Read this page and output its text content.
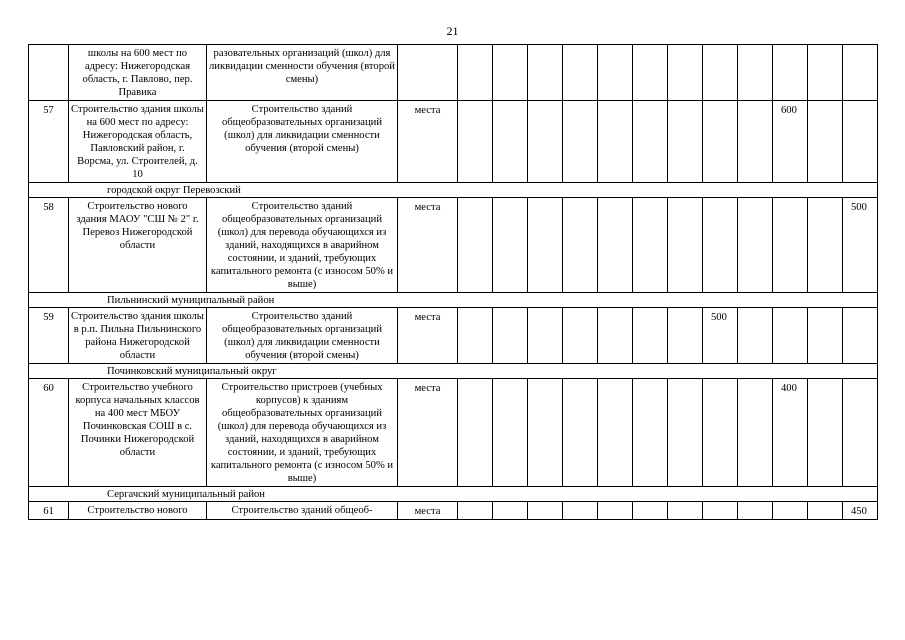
21
	школы на 600 мест по адресу: Нижегородская область, г. Павлово, пер. Правика	разовательных организаций (школ) для ликвидации сменности обучения (второй смены)													
57	Строительство здания школы на 600 мест по адресу: Нижегородская область, Павловский район, г. Ворсма, ул. Строителей, д. 10	Строительство зданий общеобразовательных организаций (школ) для ликвидации сменности обучения (второй смены)	места										600		

городской округ Перевозский															

58	Строительство нового здания МАОУ "СШ № 2" г. Перевоз Нижегородской области	Строительство зданий общеобразовательных организаций (школ) для перевода обучающихся из зданий, находящихся в аварийном состоянии, и зданий, требующих капитального ремонта (с износом 50% и выше)	места												500

Пильнинский муниципальный район															

59	Строительство здания школы в р.п. Пильна Пильнинского района Нижегородской области	Строительство зданий общеобразовательных организаций (школ) для ликвидации сменности обучения (второй смены)	места								500				

Починковский муниципальный округ															

60	Строительство учебного корпуса начальных классов на 400 мест МБОУ Починковская СОШ в с. Починки Нижегородской области	Строительство пристроев (учебных корпусов) к зданиям общеобразовательных организаций (школ) для перевода обучающихся из зданий, находящихся в аварийном состоянии, и зданий, требующих капитального ремонта (с износом 50% и выше)	места										400		

Сергачский муниципальный район															

61	Строительство нового	Строительство зданий общеоб-	места												450
